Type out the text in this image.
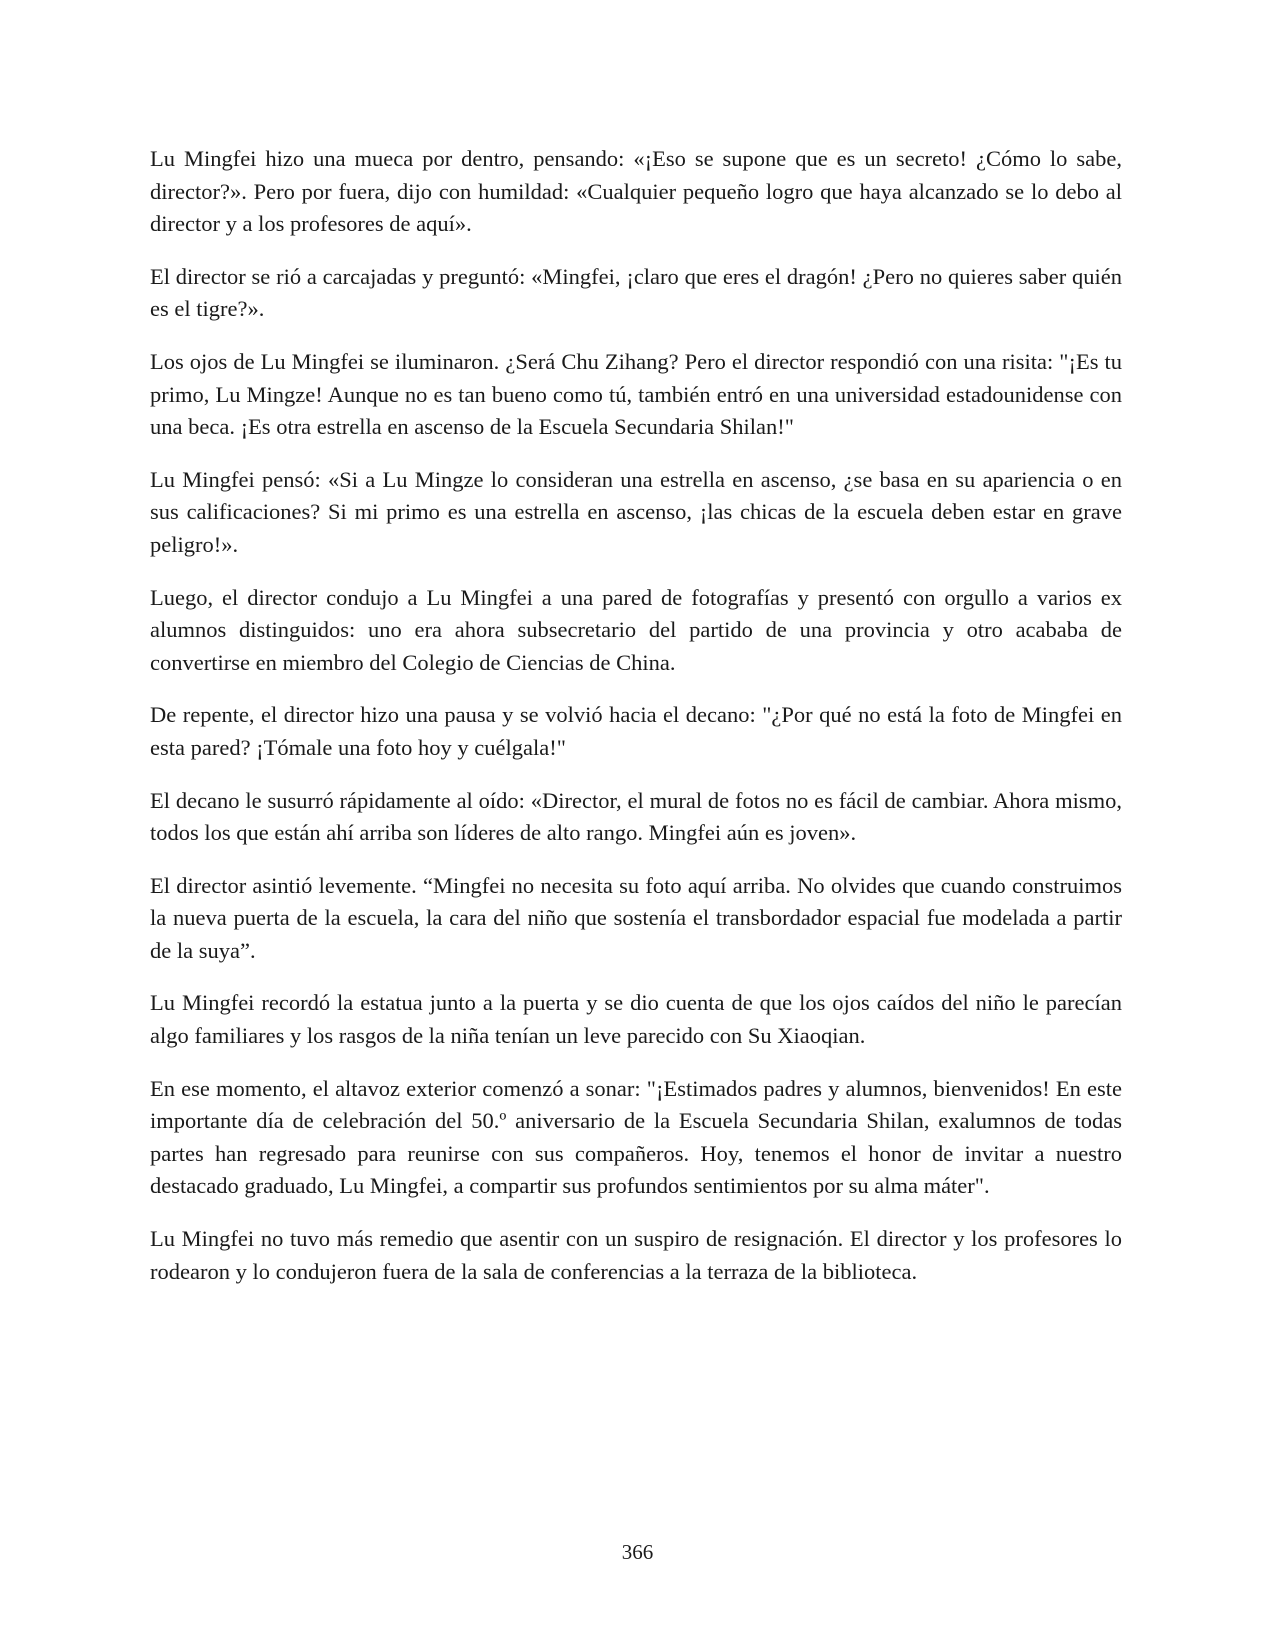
Lu Mingfei hizo una mueca por dentro, pensando: «¡Eso se supone que es un secreto! ¿Cómo lo sabe, director?». Pero por fuera, dijo con humildad: «Cualquier pequeño logro que haya alcanzado se lo debo al director y a los profesores de aquí».

El director se rió a carcajadas y preguntó: «Mingfei, ¡claro que eres el dragón! ¿Pero no quieres saber quién es el tigre?».

Los ojos de Lu Mingfei se iluminaron. ¿Será Chu Zihang? Pero el director respondió con una risita: "¡Es tu primo, Lu Mingze! Aunque no es tan bueno como tú, también entró en una universidad estadounidense con una beca. ¡Es otra estrella en ascenso de la Escuela Secundaria Shilan!"

Lu Mingfei pensó: «Si a Lu Mingze lo consideran una estrella en ascenso, ¿se basa en su apariencia o en sus calificaciones? Si mi primo es una estrella en ascenso, ¡las chicas de la escuela deben estar en grave peligro!».

Luego, el director condujo a Lu Mingfei a una pared de fotografías y presentó con orgullo a varios ex alumnos distinguidos: uno era ahora subsecretario del partido de una provincia y otro acababa de convertirse en miembro del Colegio de Ciencias de China.

De repente, el director hizo una pausa y se volvió hacia el decano: "¿Por qué no está la foto de Mingfei en esta pared? ¡Tómale una foto hoy y cuélgala!"

El decano le susurró rápidamente al oído: «Director, el mural de fotos no es fácil de cambiar. Ahora mismo, todos los que están ahí arriba son líderes de alto rango. Mingfei aún es joven».

El director asintió levemente. “Mingfei no necesita su foto aquí arriba. No olvides que cuando construimos la nueva puerta de la escuela, la cara del niño que sostenía el transbordador espacial fue modelada a partir de la suya”.

Lu Mingfei recordó la estatua junto a la puerta y se dio cuenta de que los ojos caídos del niño le parecían algo familiares y los rasgos de la niña tenían un leve parecido con Su Xiaoqian.

En ese momento, el altavoz exterior comenzó a sonar: "¡Estimados padres y alumnos, bienvenidos! En este importante día de celebración del 50.º aniversario de la Escuela Secundaria Shilan, exalumnos de todas partes han regresado para reunirse con sus compañeros. Hoy, tenemos el honor de invitar a nuestro destacado graduado, Lu Mingfei, a compartir sus profundos sentimientos por su alma máter".

Lu Mingfei no tuvo más remedio que asentir con un suspiro de resignación. El director y los profesores lo rodearon y lo condujeron fuera de la sala de conferencias a la terraza de la biblioteca.

366
